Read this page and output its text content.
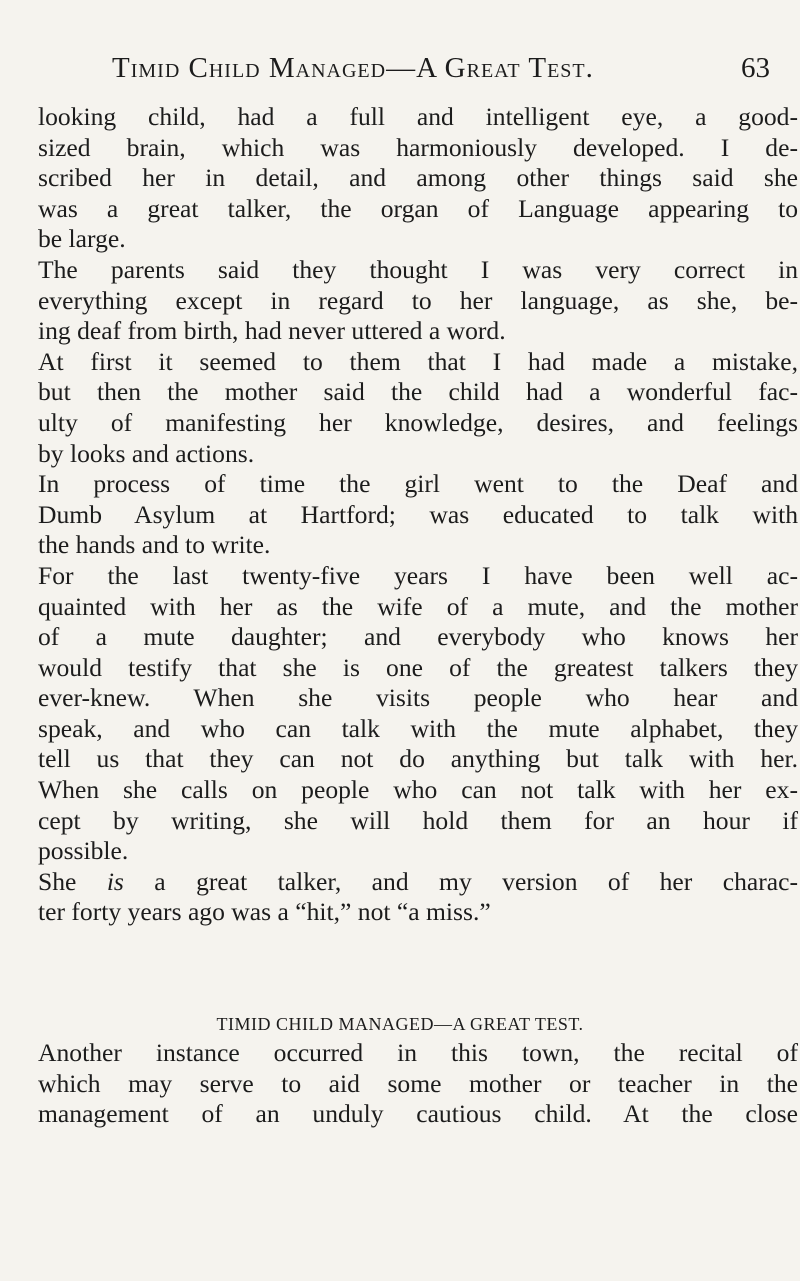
Timid Child Managed—A Great Test.	63

looking child, had a full and intelligent eye, a good-
sized brain, which was harmoniously developed. I de-
scribed her in detail, and among other things said she
was a great talker, the organ of Language appearing to
be large.

The parents said they thought I was very correct in
everything except in regard to her language, as she, be-
ing deaf from birth, had never uttered a word.

At first it seemed to them that I had made a mistake,
but then the mother said the child had a wonderful fac-
ulty of manifesting her knowledge, desires, and feelings
by looks and actions.

In process of time the girl went to the Deaf and
Dumb Asylum at Hartford; was educated to talk with
the hands and to write.

For the last twenty-five years I have been well ac-
quainted with her as the wife of a mute, and the mother
of a mute daughter; and everybody who knows her
would testify that she is one of the greatest talkers they
ever-knew. When she visits people who hear and
speak, and who can talk with the mute alphabet, they
tell us that they can not do anything but talk with her.
When she calls on people who can not talk with her ex-
cept by writing, she will hold them for an hour if
possible.

She is a great talker, and my version of her charac-
ter forty years ago was a “hit,” not “a miss.”

TIMID CHILD MANAGED—A GREAT TEST.

Another instance occurred in this town, the recital of
which may serve to aid some mother or teacher in the
management of an unduly cautious child. At the close
